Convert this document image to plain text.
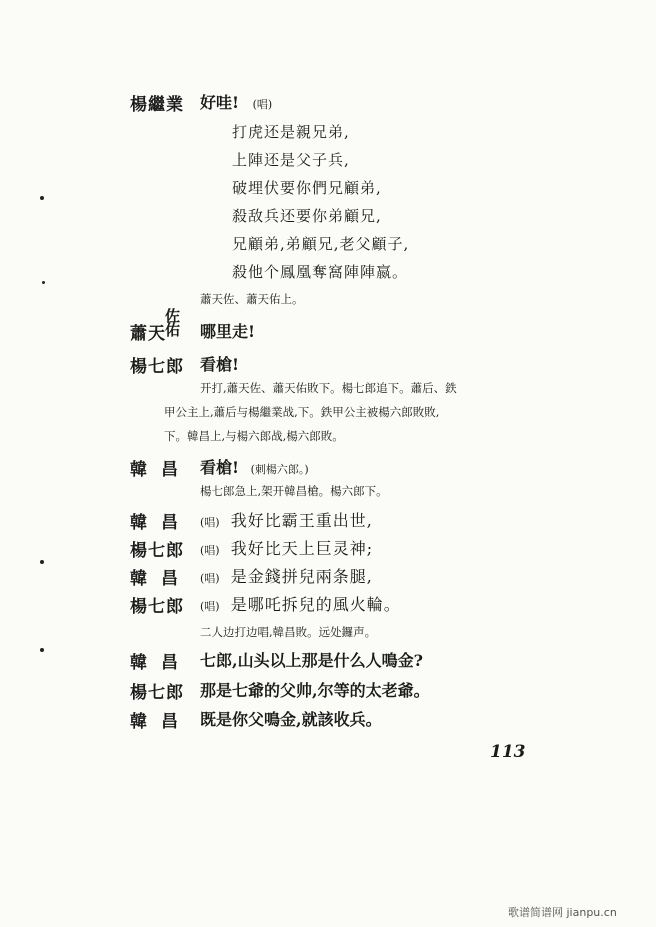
楊繼業 好哇! (唱)
打虎还是親兄弟,
上陣还是父子兵,
破埋伏要你們兄顧弟,
殺敌兵还要你弟顧兄,
兄顧弟,弟顧兄,老父顧子,
殺他个鳳凰奪窩陣陣嬴。
蕭天佐、蕭天佑上。
蕭天
佐
佑 哪里走!
楊七郎 看槍!
开打,蕭天佐、蕭天佑敗下。楊七郎追下。蕭后、鉄
甲公主上,蕭后与楊繼業战,下。鉄甲公主被楊六郎敗敗,
下。韓昌上,与楊六郎战,楊六郎敗。
韓昌 看槍! (刺楊六郎。)
楊七郎急上,架开韓昌槍。楊六郎下。
韓昌 (唱) 我好比霸王重出世,
楊七郎 (唱) 我好比天上巨灵神;
韓昌 (唱) 是金錢拼兒兩条腿,
楊七郎 (唱) 是哪吒拆兒的風火輪。
二人边打边唱,韓昌敗。远处鑼声。
韓昌 七郎,山头以上那是什么人鳴金?
楊七郎 那是七爺的父帅,尔等的太老爺。
韓昌 既是你父鳴金,就該收兵。
113
歌谱简谱网 jianpu.cn
